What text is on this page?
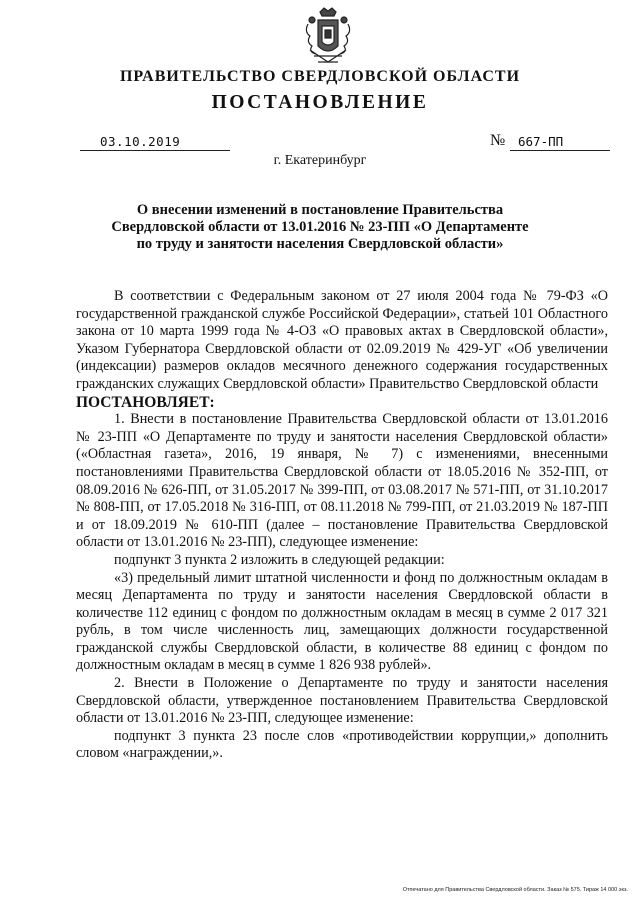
ПРАВИТЕЛЬСТВО СВЕРДЛОВСКОЙ ОБЛАСТИ
ПОСТАНОВЛЕНИЕ
03.10.2019	№	667-ПП
г. Екатеринбург
О внесении изменений в постановление Правительства
Свердловской области от 13.01.2016 № 23-ПП «О Департаменте
по труду и занятости населения Свердловской области»

В соответствии с Федеральным законом от 27 июля 2004 года № 79-ФЗ «О государственной гражданской службе Российской Федерации», статьей 101 Областного закона от 10 марта 1999 года № 4-ОЗ «О правовых актах в Свердловской области», Указом Губернатора Свердловской области от 02.09.2019 № 429-УГ «Об увеличении (индексации) размеров окладов месячного денежного содержания государственных гражданских служащих Свердловской области» Правительство Свердловской области

ПОСТАНОВЛЯЕТ:

1. Внести в постановление Правительства Свердловской области от 13.01.2016 № 23-ПП «О Департаменте по труду и занятости населения Свердловской области» («Областная газета», 2016, 19 января, № 7) с изменениями, внесенными постановлениями Правительства Свердловской области от 18.05.2016 № 352-ПП, от 08.09.2016 № 626-ПП, от 31.05.2017 № 399-ПП, от 03.08.2017 № 571-ПП, от 31.10.2017 № 808-ПП, от 17.05.2018 № 316-ПП, от 08.11.2018 № 799-ПП, от 21.03.2019 № 187-ПП и от 18.09.2019 № 610-ПП (далее – постановление Правительства Свердловской области от 13.01.2016 № 23-ПП), следующее изменение:

подпункт 3 пункта 2 изложить в следующей редакции:

«3) предельный лимит штатной численности и фонд по должностным окладам в месяц Департамента по труду и занятости населения Свердловской области в количестве 112 единиц с фондом по должностным окладам в месяц в сумме 2 017 321 рубль, в том числе численность лиц, замещающих должности государственной гражданской службы Свердловской области, в количестве 88 единиц с фондом по должностным окладам в месяц в сумме 1 826 938 рублей».

2. Внести в Положение о Департаменте по труду и занятости населения Свердловской области, утвержденное постановлением Правительства Свердловской области от 13.01.2016 № 23-ПП, следующее изменение:

подпункт 3 пункта 23 после слов «противодействии коррупции,» дополнить словом «награждении,».

Отпечатано для Правительства Свердловской области. Заказ № 575. Тираж 14 000 экз.
